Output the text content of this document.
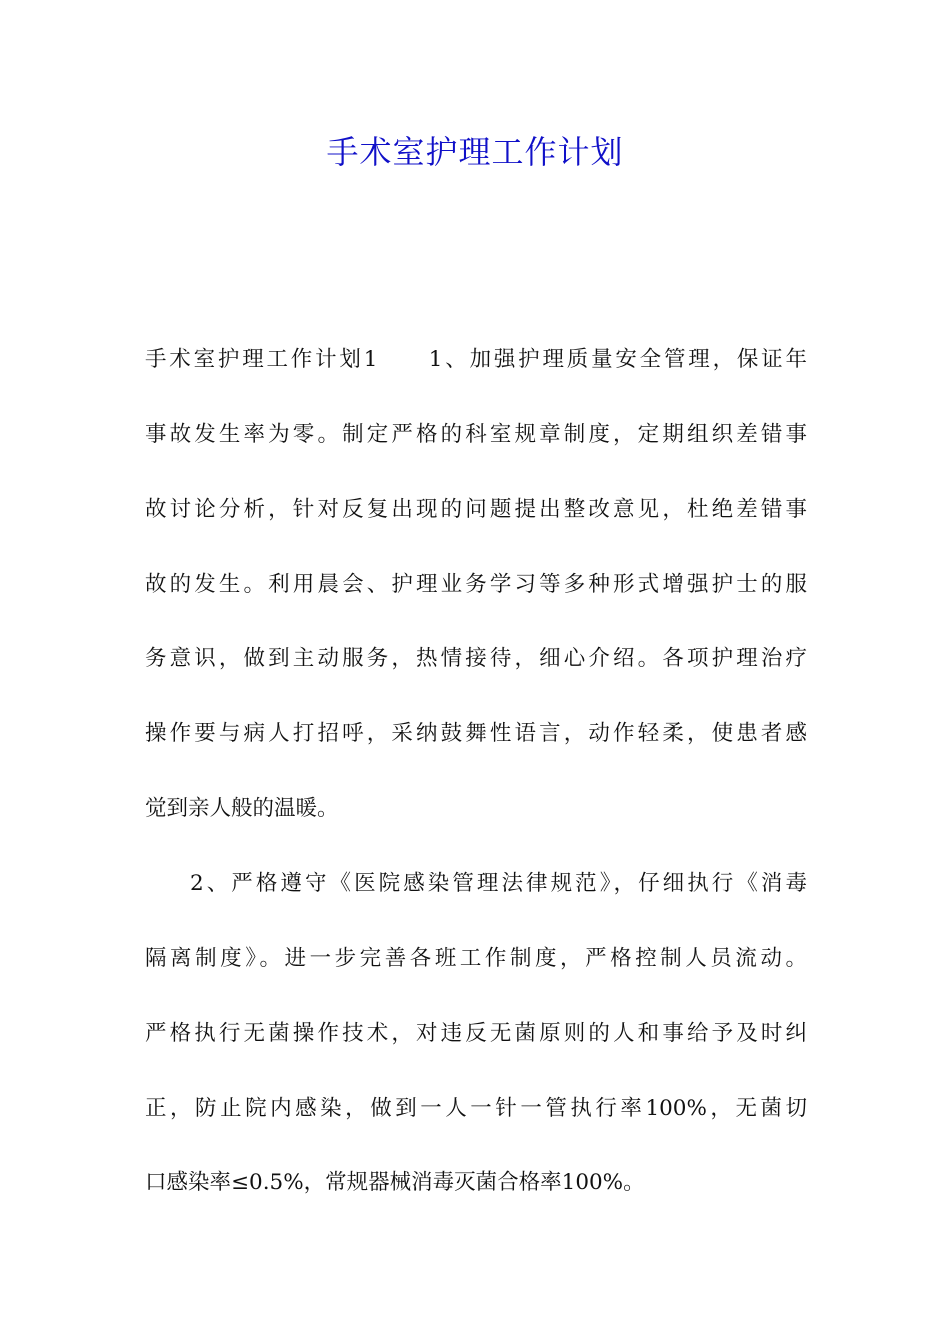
手术室护理工作计划

手术室护理工作计划1　　1、加强护理质量安全管理，保证年

事故发生率为零。制定严格的科室规章制度，定期组织差错事

故讨论分析，针对反复出现的问题提出整改意见，杜绝差错事

故的发生。利用晨会、护理业务学习等多种形式增强护士的服

务意识，做到主动服务，热情接待，细心介绍。各项护理治疗

操作要与病人打招呼，采纳鼓舞性语言，动作轻柔，使患者感

觉到亲人般的温暖。

2、严格遵守《医院感染管理法律规范》，仔细执行《消毒

隔离制度》。进一步完善各班工作制度，严格控制人员流动。

严格执行无菌操作技术，对违反无菌原则的人和事给予及时纠

正，防止院内感染，做到一人一针一管执行率100%，无菌切

口感染率≤0.5%，常规器械消毒灭菌合格率100%。
